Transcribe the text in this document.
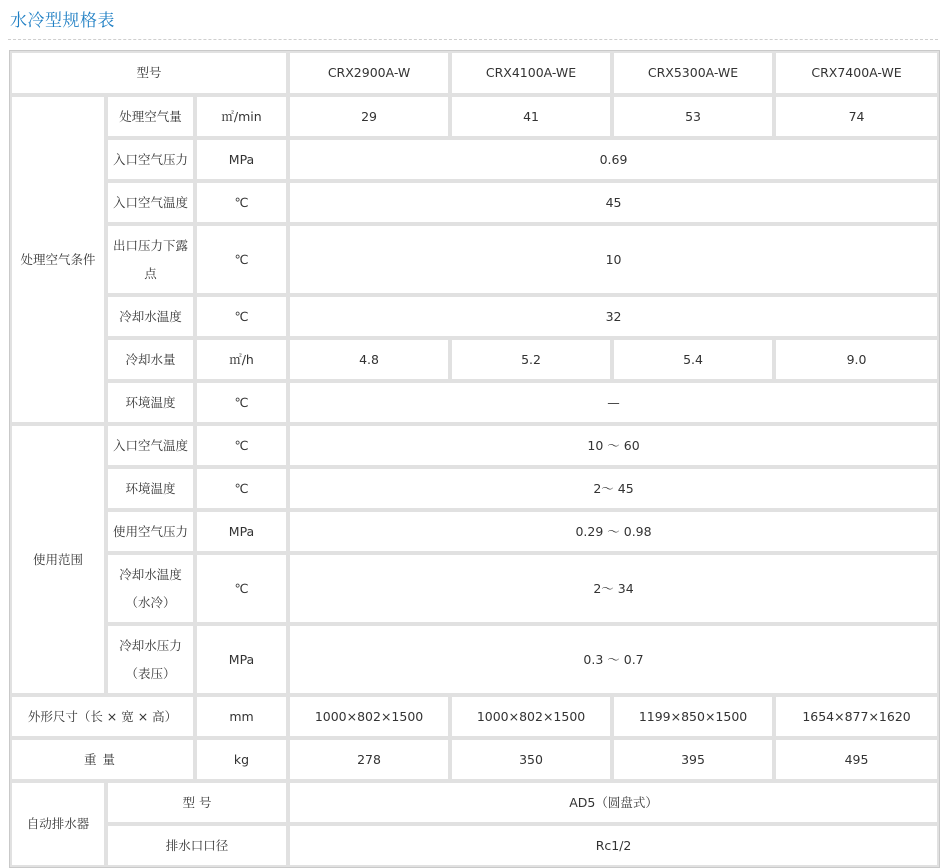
水冷型规格表
型号			CRX2900A-W	CRX4100A-WE	CRX5300A-WE	CRX7400A-WE
处理空气条件	处理空气量	㎡/min	29	41	53	74
	入口空气压力	MPa	0.69			
	入口空气温度	℃	45			
	出口压力下露点	℃	10			
	冷却水温度	℃	32			
	冷却水量	㎡/h	4.8	5.2	5.4	9.0
	环境温度	℃	—			
使用范围	入口空气温度	℃	10 ～ 60			
	环境温度	℃	2～ 45			
	使用空气压力	MPa	0.29 ～ 0.98			
	冷却水温度（水冷）	℃	2～ 34			
	冷却水压力（表压）	MPa	0.3 ～ 0.7			
外形尺寸（长 × 宽 × 高）		mm	1000×802×1500	1000×802×1500	1199×850×1500	1654×877×1620
重量		kg	278	350	395	495
自动排水器	型 号		AD5（圆盘式）			
	排水口口径		Rc1/2			
